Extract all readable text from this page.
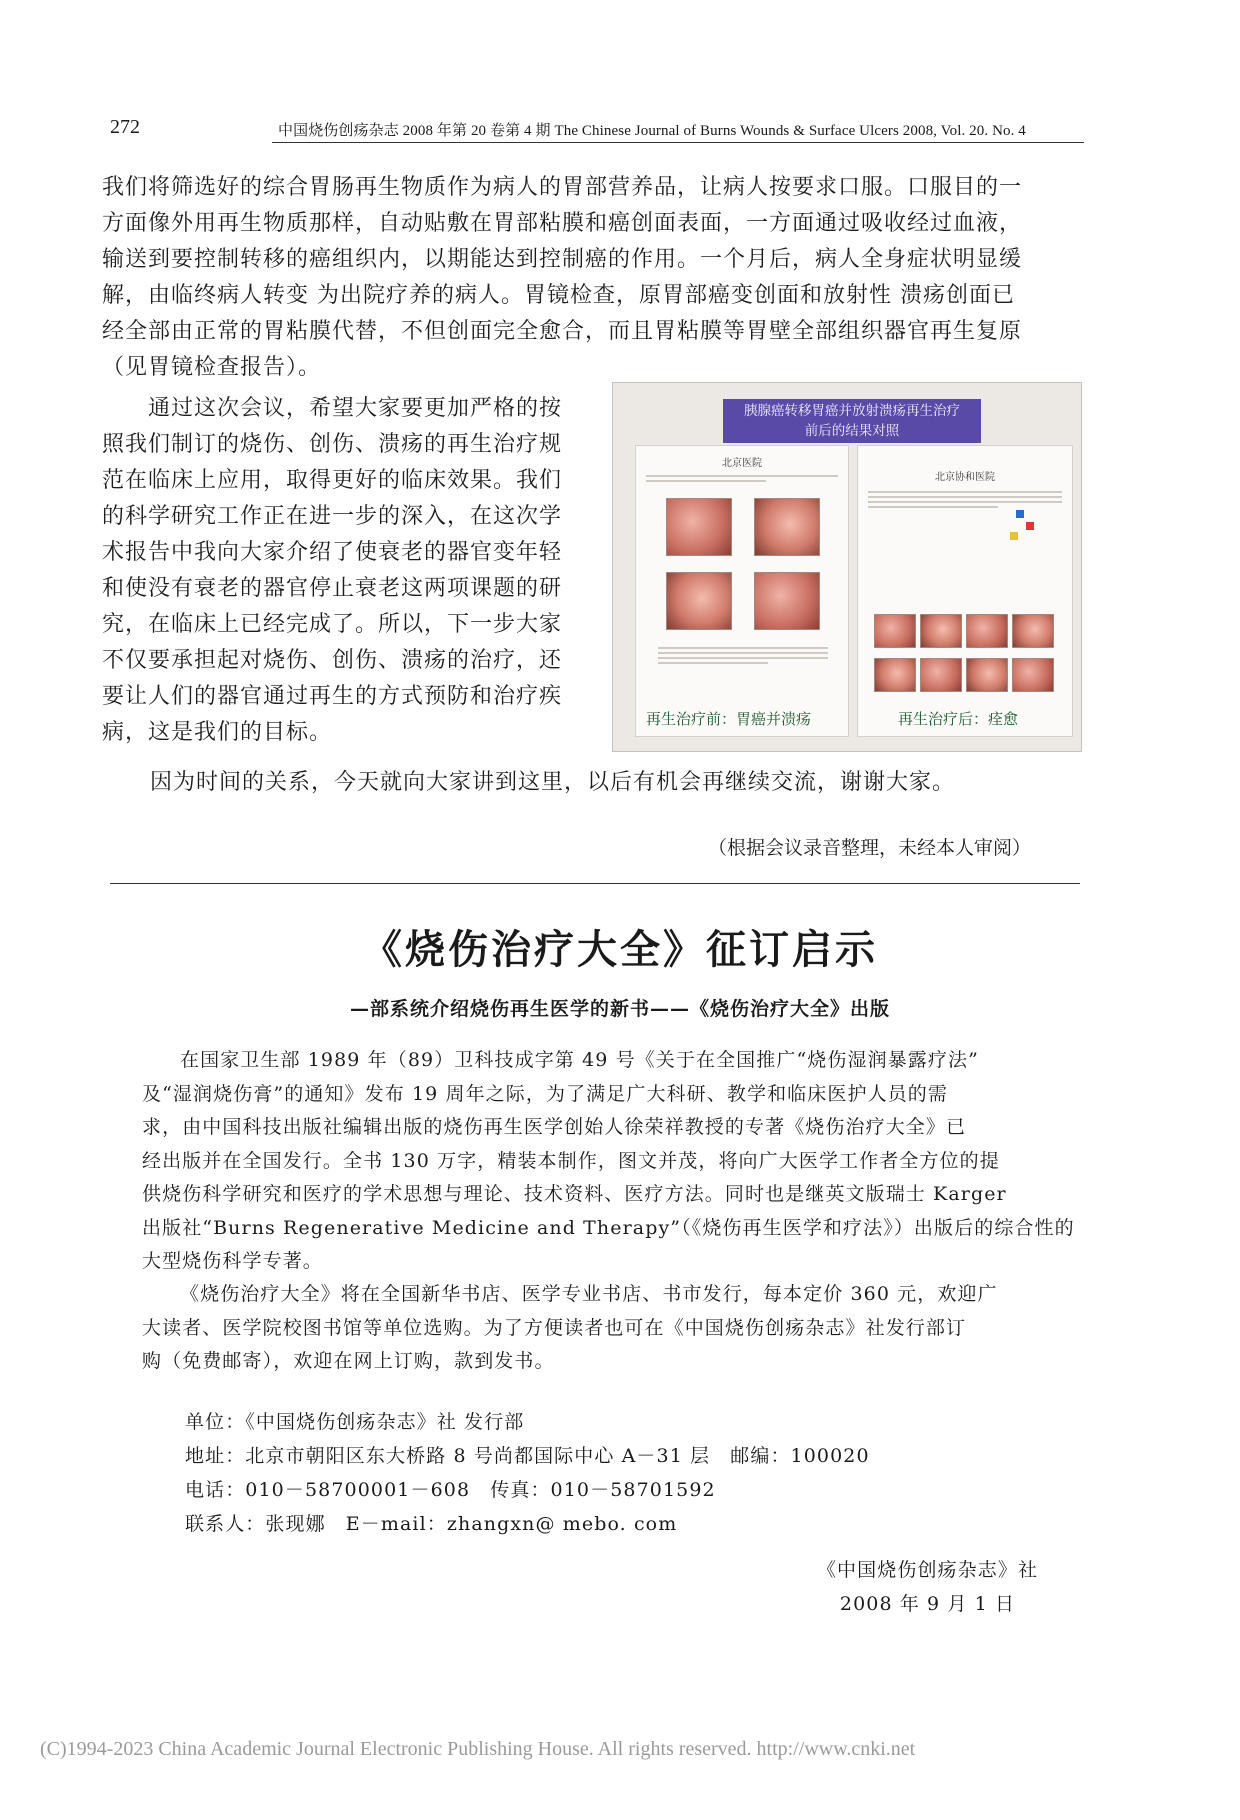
272	中国烧伤创疡杂志 2008 年第 20 卷第 4 期 The Chinese Journal of Burns Wounds & Surface Ulcers 2008, Vol. 20. No. 4
我们将筛选好的综合胃肠再生物质作为病人的胃部营养品，让病人按要求口服。口服目的一
方面像外用再生物质那样，自动贴敷在胃部粘膜和癌创面表面，一方面通过吸收经过血液，
输送到要控制转移的癌组织内，以期能达到控制癌的作用。一个月后，病人全身症状明显缓
解，由临终病人转变 为出院疗养的病人。胃镜检查，原胃部癌变创面和放射性 溃疡创面已
经全部由正常的胃粘膜代替，不但创面完全愈合，而且胃粘膜等胃壁全部组织器官再生复原
（见胃镜检查报告）。
　　通过这次会议，希望大家要更加严格的按
照我们制订的烧伤、创伤、溃疡的再生治疗规
范在临床上应用，取得更好的临床效果。我们
的科学研究工作正在进一步的深入，在这次学
术报告中我向大家介绍了使衰老的器官变年轻
和使没有衰老的器官停止衰老这两项课题的研
究，在临床上已经完成了。所以，下一步大家
不仅要承担起对烧伤、创伤、溃疡的治疗，还
要让人们的器官通过再生的方式预防和治疗疾
病，这是我们的目标。
胰腺癌转移胃癌并放射溃疡再生治疗
前后的结果对照
北京医院
再生治疗前：胃癌并溃疡
北京协和医院
再生治疗后：痊愈
因为时间的关系，今天就向大家讲到这里，以后有机会再继续交流，谢谢大家。
（根据会议录音整理，未经本人审阅）
《烧伤治疗大全》征订启示
—部系统介绍烧伤再生医学的新书——《烧伤治疗大全》出版
在国家卫生部 1989 年（89）卫科技成字第 49 号《关于在全国推广“烧伤湿润暴露疗法”
及“湿润烧伤膏”的通知》发布 19 周年之际，为了满足广大科研、教学和临床医护人员的需
求，由中国科技出版社编辑出版的烧伤再生医学创始人徐荣祥教授的专著《烧伤治疗大全》已
经出版并在全国发行。全书 130 万字，精装本制作，图文并茂，将向广大医学工作者全方位的提
供烧伤科学研究和医疗的学术思想与理论、技术资料、医疗方法。同时也是继英文版瑞士 Karger
出版社“Burns Regenerative Medicine and Therapy”（《烧伤再生医学和疗法》）出版后的综合性的
大型烧伤科学专著。
《烧伤治疗大全》将在全国新华书店、医学专业书店、书市发行，每本定价 360 元，欢迎广
大读者、医学院校图书馆等单位选购。为了方便读者也可在《中国烧伤创疡杂志》社发行部订
购（免费邮寄），欢迎在网上订购，款到发书。
单位：《中国烧伤创疡杂志》社 发行部
地址：北京市朝阳区东大桥路 8 号尚都国际中心 A－31 层　邮编：100020
电话：010－58700001－608　传真：010－58701592
联系人：张现娜　E－mail：zhangxn@ mebo. com
《中国烧伤创疡杂志》社
2008 年 9 月 1 日
(C)1994-2023 China Academic Journal Electronic Publishing House. All rights reserved. http://www.cnki.net
